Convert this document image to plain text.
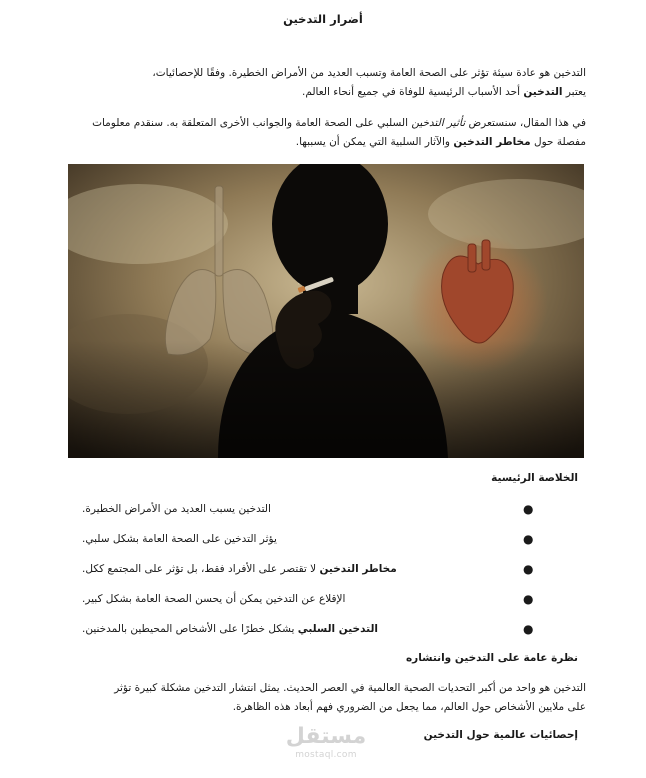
أضرار التدخين
التدخين هو عادة سيئة تؤثر على الصحة العامة وتسبب العديد من الأمراض الخطيرة. وفقًا للإحصائيات،
يعتبر التدخين أحد الأسباب الرئيسية للوفاة في جميع أنحاء العالم.
في هذا المقال، سنستعرض تأثير التدخين السلبي على الصحة العامة والجوانب الأخرى المتعلقة به. سنقدم معلومات
مفصلة حول مخاطر التدخين والآثار السلبية التي يمكن أن يسببها.
الخلاصة الرئيسية
التدخين يسبب العديد من الأمراض الخطيرة.	●
يؤثر التدخين على الصحة العامة بشكل سلبي.	●
مخاطر التدخين لا تقتصر على الأفراد فقط، بل تؤثر على المجتمع ككل.	●
الإقلاع عن التدخين يمكن أن يحسن الصحة العامة بشكل كبير.	●
التدخين السلبي يشكل خطرًا على الأشخاص المحيطين بالمدخنين.	●
نظرة عامة على التدخين وانتشاره
التدخين هو واحد من أكبر التحديات الصحية العالمية في العصر الحديث. يمثل انتشار التدخين مشكلة كبيرة تؤثر
على ملايين الأشخاص حول العالم، مما يجعل من الضروري فهم أبعاد هذه الظاهرة.
إحصائيات عالمية حول التدخين
مستقل
mostaql.com
